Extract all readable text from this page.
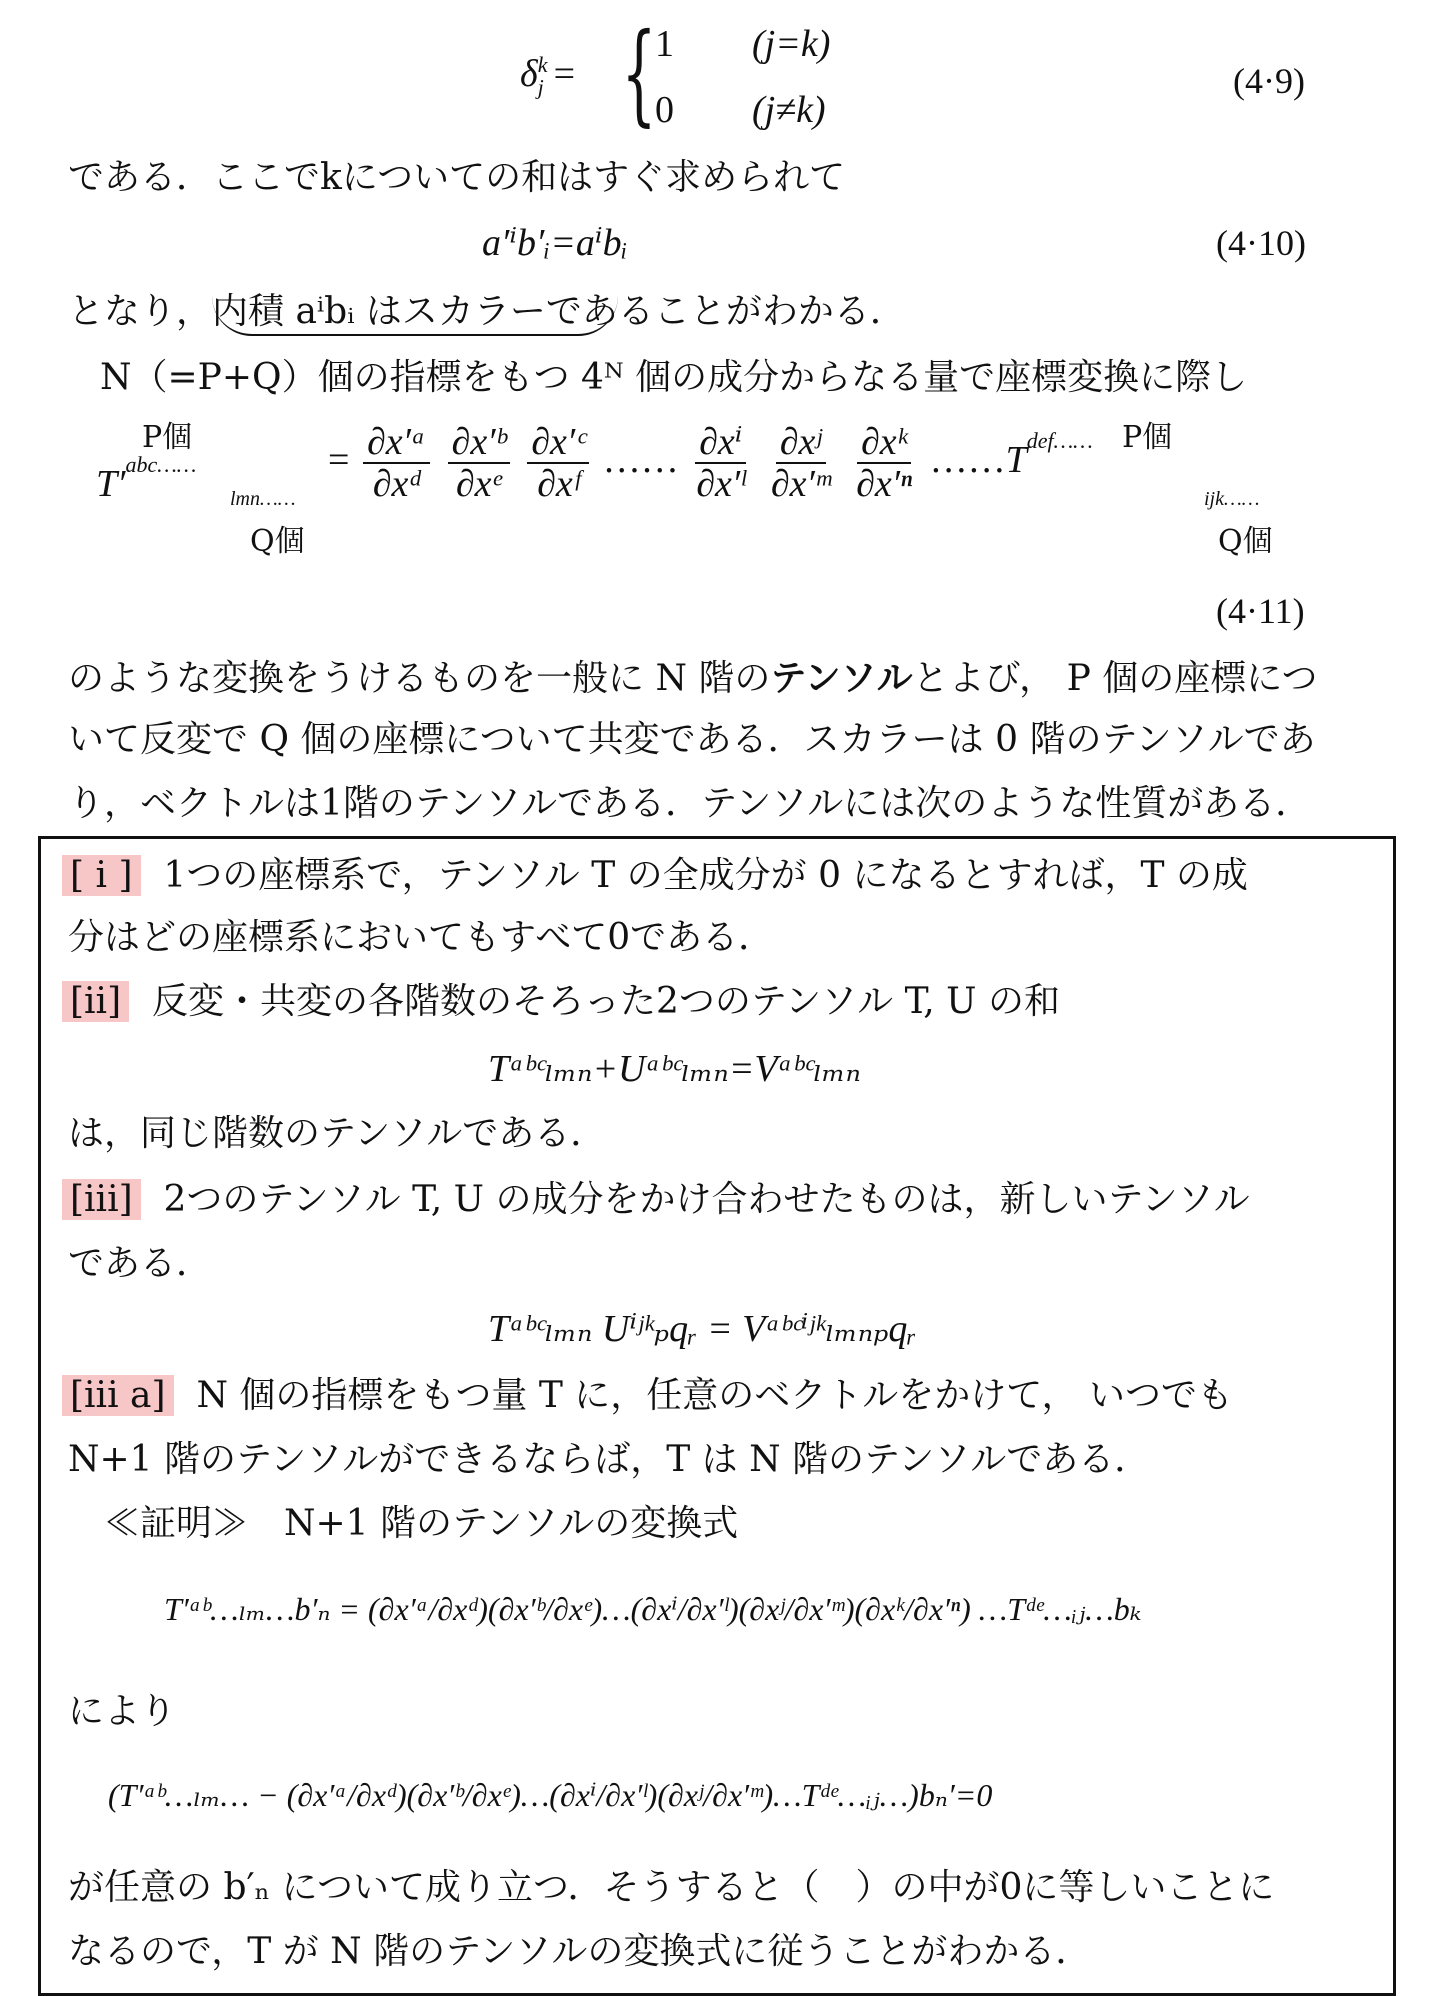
$\delta_j^k$ = {
1 (j=k)
0 (j≠k)
(4·9)
である．ここでkについての和はすぐ求められて
a′ⁱb′ᵢ=aⁱbᵢ	(4·10)
となり，内積 aⁱbᵢ はスカラーであることがわかる．
N（=P+Q）個の指標をもつ 4ᴺ 個の成分からなる量で座標変換に際し
P個
$T'^{abc\dots\dots}$
lmn……
Q個
= $\frac{\text{∂x′ᵃ}}{\text{∂xᵈ}}$
$\frac{\text{∂x′ᵇ}}{\text{∂xᵉ}}$
$\frac{\text{∂x′ᶜ}}{\text{∂xᶠ}}$ …… $\frac{\text{∂xⁱ}}{\text{∂x′ˡ}}$
$\frac{\text{∂xʲ}}{\text{∂x′ᵐ}}$
$\frac{\text{∂xᵏ}}{\text{∂x′ⁿ}}$ $\dots\dots T^{def\dots\dots}$ P個
ijk……
Q個
(4·11)
のような変換をうけるものを一般に N 階のテンソルとよび， P 個の座標につ
いて反変で Q 個の座標について共変である．スカラーは 0 階のテンソルであ
り，ベクトルは1階のテンソルである．テンソルには次のような性質がある．
[ i ] 1つの座標系で，テンソル T の全成分が 0 になるとすれば，T の成
分はどの座標系においてもすべて0である．
[ii] 反変・共変の各階数のそろった2つのテンソル T, U の和
Tᵃᵇᶜₗₘₙ+Uᵃᵇᶜₗₘₙ=Vᵃᵇᶜₗₘₙ
は，同じ階数のテンソルである．
[iii] 2つのテンソル T, U の成分をかけ合わせたものは，新しいテンソル
である．
Tᵃᵇᶜₗₘₙ Uⁱʲᵏₚqᵣ = Vᵃᵇᶜⁱʲᵏₗₘₙₚqᵣ
[iii a] N 個の指標をもつ量 T に，任意のベクトルをかけて， いつでも
N+1 階のテンソルができるならば，T は N 階のテンソルである．
≪証明≫　N+1 階のテンソルの変換式
T′ᵃᵇ…ₗₘ…b′ₙ = (∂x′ᵃ/∂xᵈ)(∂x′ᵇ/∂xᵉ)…(∂xⁱ/∂x′ˡ)(∂xʲ/∂x′ᵐ)(∂xᵏ/∂x′ⁿ) …Tᵈᵉ…ᵢⱼ…bₖ
により
(T′ᵃᵇ…ₗₘ… − (∂x′ᵃ/∂xᵈ)(∂x′ᵇ/∂xᵉ)…(∂xⁱ/∂x′ˡ)(∂xʲ/∂x′ᵐ)…Tᵈᵉ…ᵢⱼ…)bₙ′=0
が任意の b′ₙ について成り立つ．そうすると（　）の中が0に等しいことに
なるので，T が N 階のテンソルの変換式に従うことがわかる．
